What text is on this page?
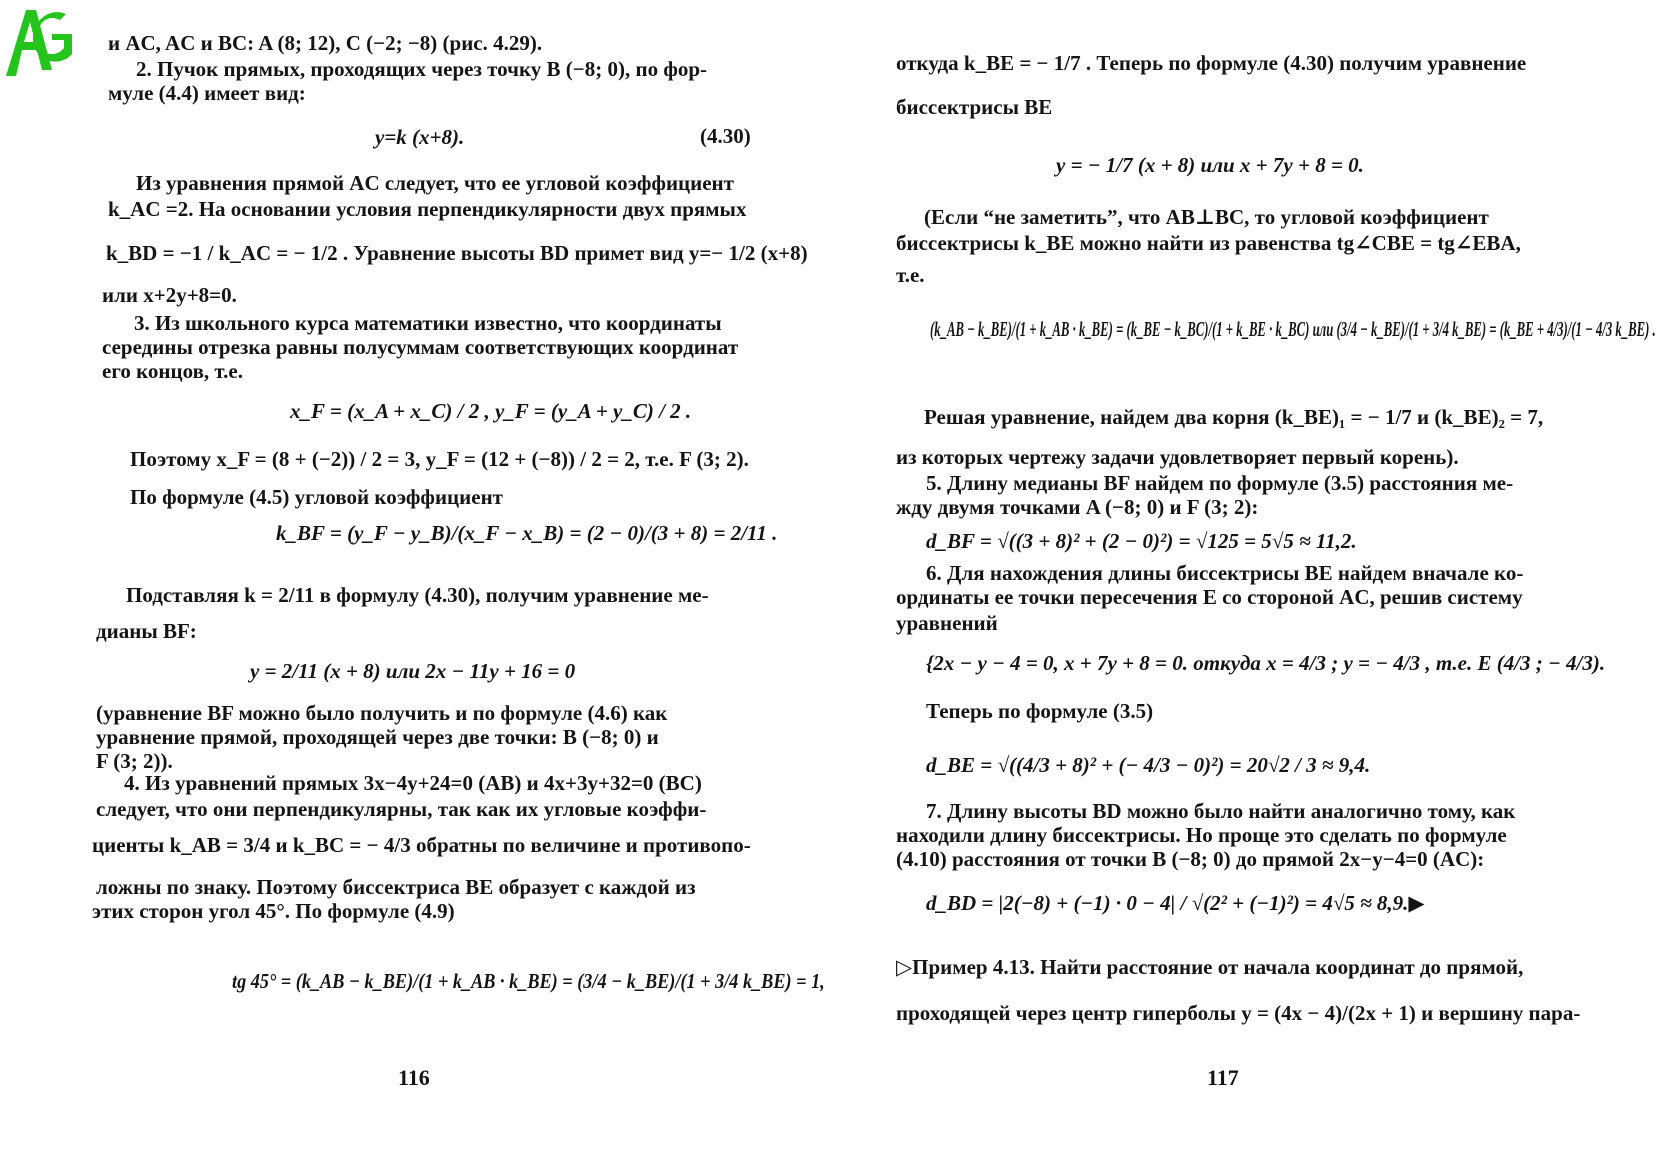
(4.30)
116
и AC, AC и BC: A (8; 12), C (−2; −8) (рис. 4.29).
2. Пучок прямых, проходящих через точку B (−8; 0), по фор-
муле (4.4) имеет вид:
y=k (x+8).
Из уравнения прямой AC следует, что ее угловой коэффициент
k_AC =2. На основании условия перпендикулярности двух прямых
k_BD = −1 / k_AC = − 1/2 . Уравнение высоты BD примет вид y=− 1/2 (x+8)
или x+2y+8=0.
3. Из школьного курса математики известно, что координаты
середины отрезка равны полусуммам соответствующих координат
его концов, т.е.
x_F = (x_A + x_C) / 2 , y_F = (y_A + y_C) / 2 .
Поэтому x_F = (8 + (−2)) / 2 = 3, y_F = (12 + (−8)) / 2 = 2, т.е. F (3; 2).
По формуле (4.5) угловой коэффициент
k_BF = (y_F − y_B)/(x_F − x_B) = (2 − 0)/(3 + 8) = 2/11 .
Подставляя k = 2/11 в формулу (4.30), получим уравнение ме-
дианы BF:
y = 2/11 (x + 8) или 2x − 11y + 16 = 0
(уравнение BF можно было получить и по формуле (4.6) как
уравнение прямой, проходящей через две точки: B (−8; 0) и
F (3; 2)).
4. Из уравнений прямых 3x−4y+24=0 (AB) и 4x+3y+32=0 (BC)
следует, что они перпендикулярны, так как их угловые коэффи-
циенты k_AB = 3/4 и k_BC = − 4/3 обратны по величине и противопо-
ложны по знаку. Поэтому биссектриса BE образует с каждой из
этих сторон угол 45°. По формуле (4.9)
tg 45° = (k_AB − k_BE)/(1 + k_AB · k_BE) = (3/4 − k_BE)/(1 + 3/4 k_BE) = 1,
117
откуда k_BE = − 1/7 . Теперь по формуле (4.30) получим уравнение
биссектрисы BE
y = − 1/7 (x + 8) или x + 7y + 8 = 0.
(Если “не заметить”, что AB⊥BC, то угловой коэффициент
биссектрисы k_BE можно найти из равенства tg∠CBE = tg∠EBA,
т.е.
(k_AB − k_BE)/(1 + k_AB · k_BE) = (k_BE − k_BC)/(1 + k_BE · k_BC) или (3/4 − k_BE)/(1 + 3/4 k_BE) = (k_BE + 4/3)/(1 − 4/3 k_BE) .
Решая уравнение, найдем два корня (k_BE)₁ = − 1/7 и (k_BE)₂ = 7,
из которых чертежу задачи удовлетворяет первый корень).
5. Длину медианы BF найдем по формуле (3.5) расстояния ме-
жду двумя точками A (−8; 0) и F (3; 2):
d_BF = √((3 + 8)² + (2 − 0)²) = √125 = 5√5 ≈ 11,2.
6. Для нахождения длины биссектрисы BE найдем вначале ко-
ординаты ее точки пересечения E со стороной AC, решив систему
уравнений
{2x − y − 4 = 0, x + 7y + 8 = 0. откуда x = 4/3 ; y = − 4/3 , т.е. E (4/3 ; − 4/3).
Теперь по формуле (3.5)
d_BE = √((4/3 + 8)² + (− 4/3 − 0)²) = 20√2 / 3 ≈ 9,4.
7. Длину высоты BD можно было найти аналогично тому, как
находили длину биссектрисы. Но проще это сделать по формуле
(4.10) расстояния от точки B (−8; 0) до прямой 2x−y−4=0 (AC):
d_BD = |2(−8) + (−1) · 0 − 4| / √(2² + (−1)²) = 4√5 ≈ 8,9.▶
▷Пример 4.13. Найти расстояние от начала координат до прямой,
проходящей через центр гиперболы y = (4x − 4)/(2x + 1) и вершину пара-
